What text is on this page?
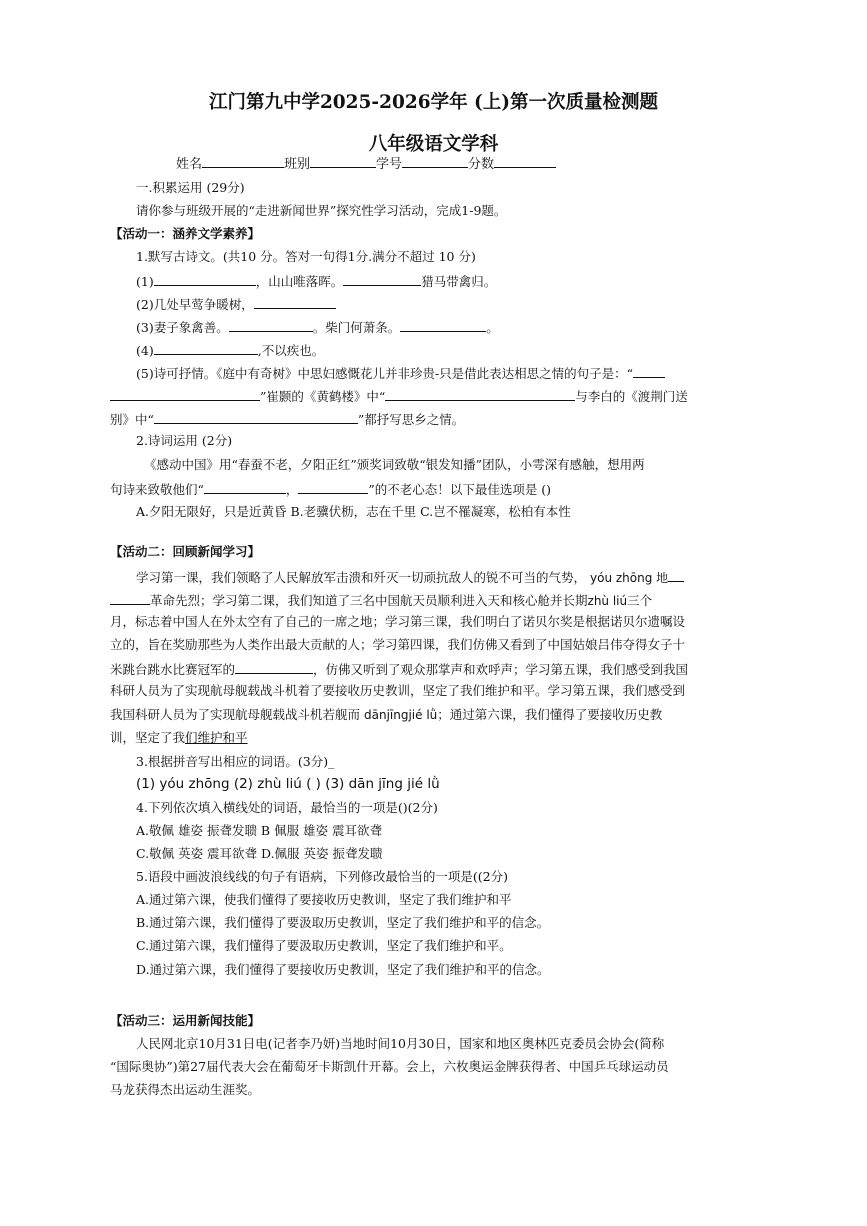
江门第九中学2025-2026学年 (上)第一次质量检测题
八年级语文学科
姓名	班别	学号	分数
一.积累运用 (29分)
请你参与班级开展的“走进新闻世界”探究性学习活动，完成1-9题。
【活动一：涵养文学素养】
1.默写古诗文。(共10 分。答对一句得1分.满分不超过 10 分)
(1)	，山山唯落晖。	猎马带禽归。
(2)几处早莺争暖树，
(3)妻子象禽善。	。柴门何萧条。	。
(4)	,不以疾也。
(5)诗可抒情。《庭中有奇树》中思妇感慨花儿并非珍贵-只是借此表达相思之情的句子是：“
”崔颢的《黄鹤楼》中“	与李白的《渡荆门送
别》中“	”都抒写思乡之情。
2.诗词运用 (2分)
《感动中国》用“春蚕不老，夕阳正红”颁奖词致敬“银发知播”团队，小雩深有感触，想用两
句诗来致敬他们“	，	”的不老心态！以下最佳选项是 ()
A.夕阳无限好，只是近黄昏 B.老骥伏枥，志在千里 C.岂不罹凝寒，松柏有本性
【活动二：回顾新闻学习】
学习第一课，我们领略了人民解放军击溃和歼灭一切顽抗敌人的锐不可当的气势， yóu zhōng 地
革命先烈；学习第二课，我们知道了三名中国航天员顺利进入天和核心舱并长期zhù liú三个
月，标志着中国人在外太空有了自己的一席之地；学习第三课，我们明白了诺贝尔奖是根据诺贝尔遗嘱设
立的，旨在奖励那些为人类作出最大贡献的人；学习第四课，我们仿佛又看到了中国姑娘吕伟夺得女子十
米跳台跳水比赛冠军的	，仿佛又听到了观众那掌声和欢呼声；学习第五课，我们感受到我国
科研人员为了实现航母舰载战斗机着了要接收历史教训，坚定了我们维护和平。学习第五课，我们感受到
我国科研人员为了实现航母舰载战斗机若舰而 dānjīngjié lǜ；通过第六课，我们懂得了要接收历史教
训，坚定了我们维护和平
3.根据拼音写出相应的词语。(3分)_
(1) yóu zhōng (2) zhù liú ( ) (3) dān jīng jié lǜ
4.下列依次填入横线处的词语，最恰当的一项是()(2分)
A.敬佩 雄姿 振聋发聩 B 佩服 雄姿 震耳欲聋
C.敬佩 英姿 震耳欲聋 D.佩服 英姿 振聋发聩
5.语段中画波浪线线的句子有语病，下列修改最恰当的一项是((2分)
A.通过第六课，使我们懂得了要接收历史教训，坚定了我们维护和平
B.通过第六课，我们懂得了要汲取历史教训，坚定了我们维护和平的信念。
C.通过第六课，我们懂得了要汲取历史教训，坚定了我们维护和平。
D.通过第六课，我们懂得了要接收历史教训，坚定了我们维护和平的信念。
【活动三：运用新闻技能】
人民网北京10月31日电(记者李乃妍)当地时间10月30日，国家和地区奥林匹克委员会协会(简称
“国际奥协”)第27届代表大会在葡萄牙卡斯凯什开幕。会上，六枚奥运金牌获得者、中国乒乓球运动员
马龙获得杰出运动生涯奖。
